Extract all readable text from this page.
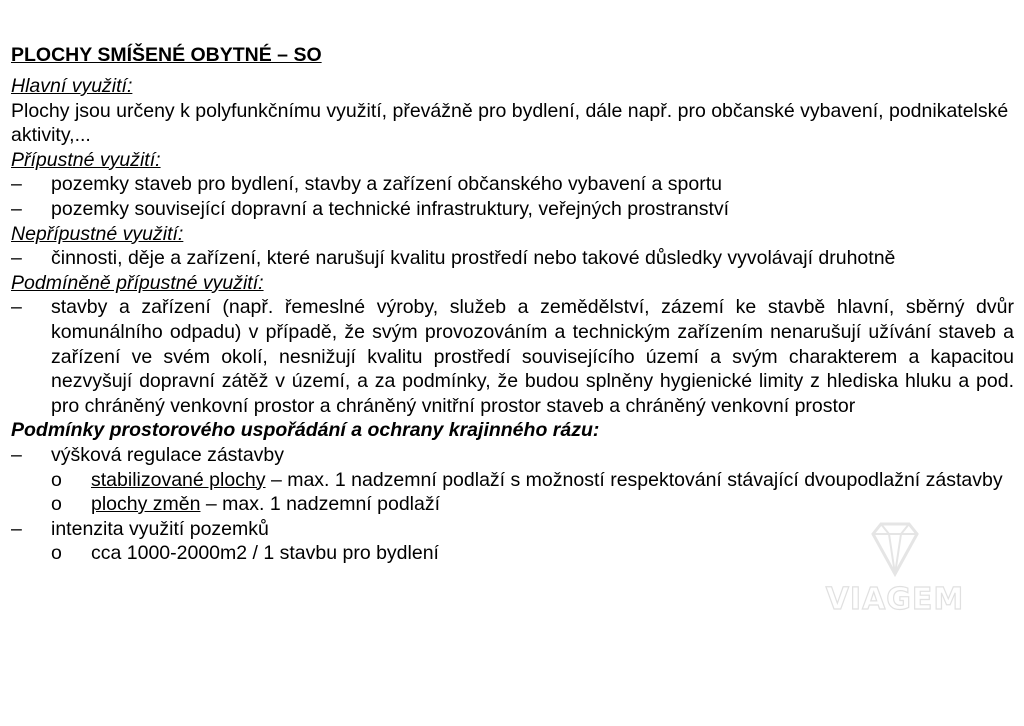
PLOCHY SMÍŠENÉ OBYTNÉ – SO
Hlavní využití:
Plochy jsou určeny k polyfunkčnímu využití, převážně pro bydlení, dále např. pro občanské vybavení, podnikatelské aktivity,...
Přípustné využití:
–	pozemky staveb pro bydlení, stavby a zařízení občanského vybavení a sportu
–	pozemky související dopravní a technické infrastruktury, veřejných prostranství
Nepřípustné využití:
–	činnosti, děje a zařízení, které narušují kvalitu prostředí nebo takové důsledky vyvolávají druhotně
Podmíněně přípustné využití:
–	stavby a zařízení (např. řemeslné výroby, služeb a zemědělství, zázemí ke stavbě hlavní, sběrný dvůr komunálního odpadu) v případě, že svým provozováním a technickým zařízením nenarušují užívání staveb a zařízení ve svém okolí, nesnižují kvalitu prostředí souvisejícího území a svým charakterem a kapacitou nezvyšují dopravní zátěž v území, a za podmínky, že budou splněny hygienické limity z hlediska hluku a pod. pro chráněný venkovní prostor a chráněný vnitřní prostor staveb a chráněný venkovní prostor
Podmínky prostorového uspořádání a ochrany krajinného rázu:
–	výšková regulace zástavby
o	stabilizované plochy – max. 1 nadzemní podlaží s možností respektování stávající dvoupodlažní zástavby
o	plochy změn – max. 1 nadzemní podlaží
–	intenzita využití pozemků
o	cca 1000-2000m2 / 1 stavbu pro bydlení
VIAGEM
